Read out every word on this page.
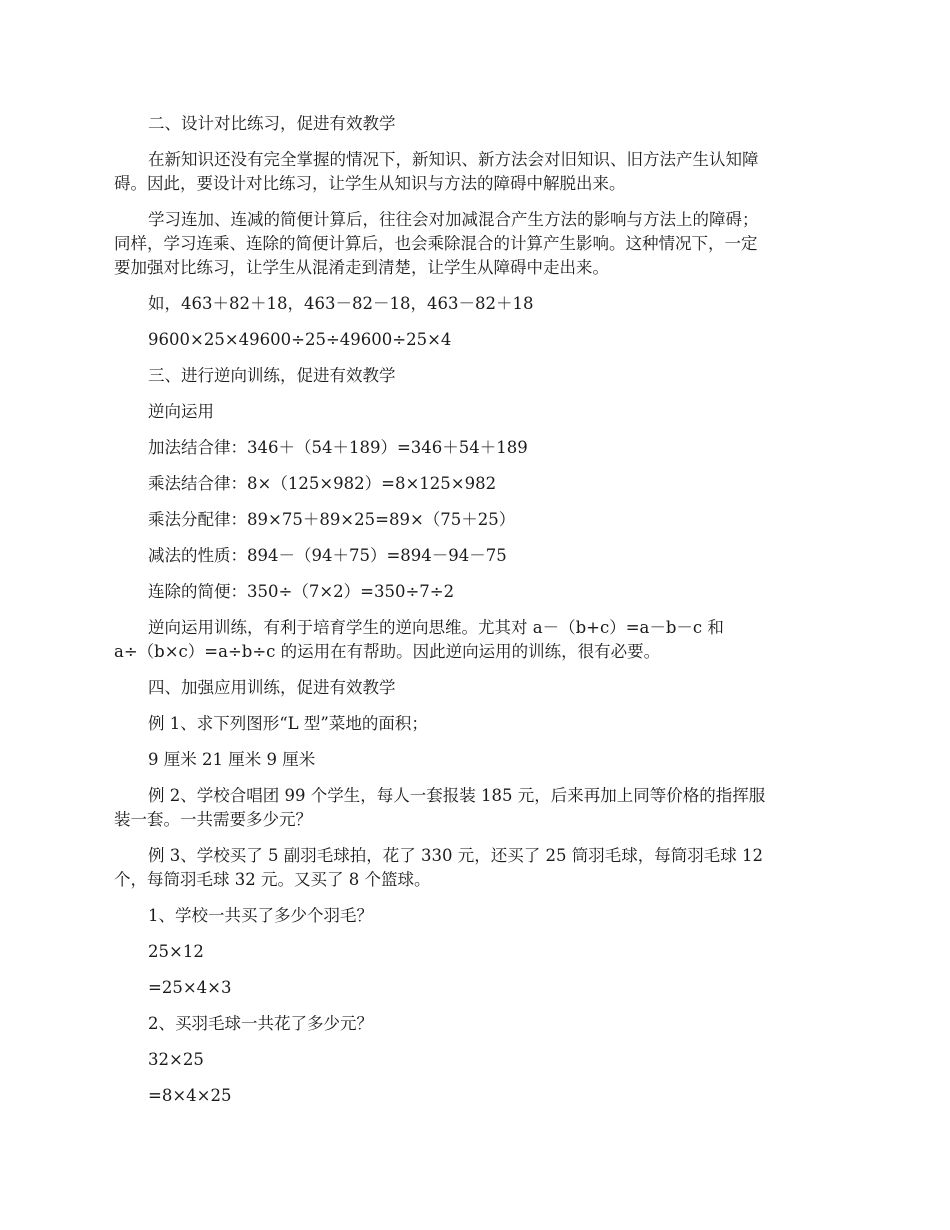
二、设计对比练习，促进有效教学

在新知识还没有完全掌握的情况下，新知识、新方法会对旧知识、旧方法产生认知障

碍。因此，要设计对比练习，让学生从知识与方法的障碍中解脱出来。

学习连加、连减的简便计算后，往往会对加减混合产生方法的影响与方法上的障碍；

同样，学习连乘、连除的简便计算后，也会乘除混合的计算产生影响。这种情况下，一定

要加强对比练习，让学生从混淆走到清楚，让学生从障碍中走出来。

如，463＋82＋18，463－82－18，463－82＋18

9600×25×49600÷25÷49600÷25×4

三、进行逆向训练，促进有效教学

逆向运用

加法结合律：346＋（54＋189）=346＋54＋189

乘法结合律：8×（125×982）=8×125×982

乘法分配律：89×75＋89×25=89×（75＋25）

减法的性质：894－（94＋75）=894－94－75

连除的简便：350÷（7×2）=350÷7÷2

逆向运用训练，有利于培育学生的逆向思维。尤其对 a－（b+c）=a－b－c 和

a÷（b×c）=a÷b÷c 的运用在有帮助。因此逆向运用的训练，很有必要。

四、加强应用训练，促进有效教学

例 1、求下列图形“L 型”菜地的面积；

9 厘米 21 厘米 9 厘米

例 2、学校合唱团 99 个学生，每人一套报装 185 元，后来再加上同等价格的指挥服

装一套。一共需要多少元？

例 3、学校买了 5 副羽毛球拍，花了 330 元，还买了 25 筒羽毛球，每筒羽毛球 12

个，每筒羽毛球 32 元。又买了 8 个篮球。

1、学校一共买了多少个羽毛？

25×12

=25×4×3

2、买羽毛球一共花了多少元？

32×25

=8×4×25
